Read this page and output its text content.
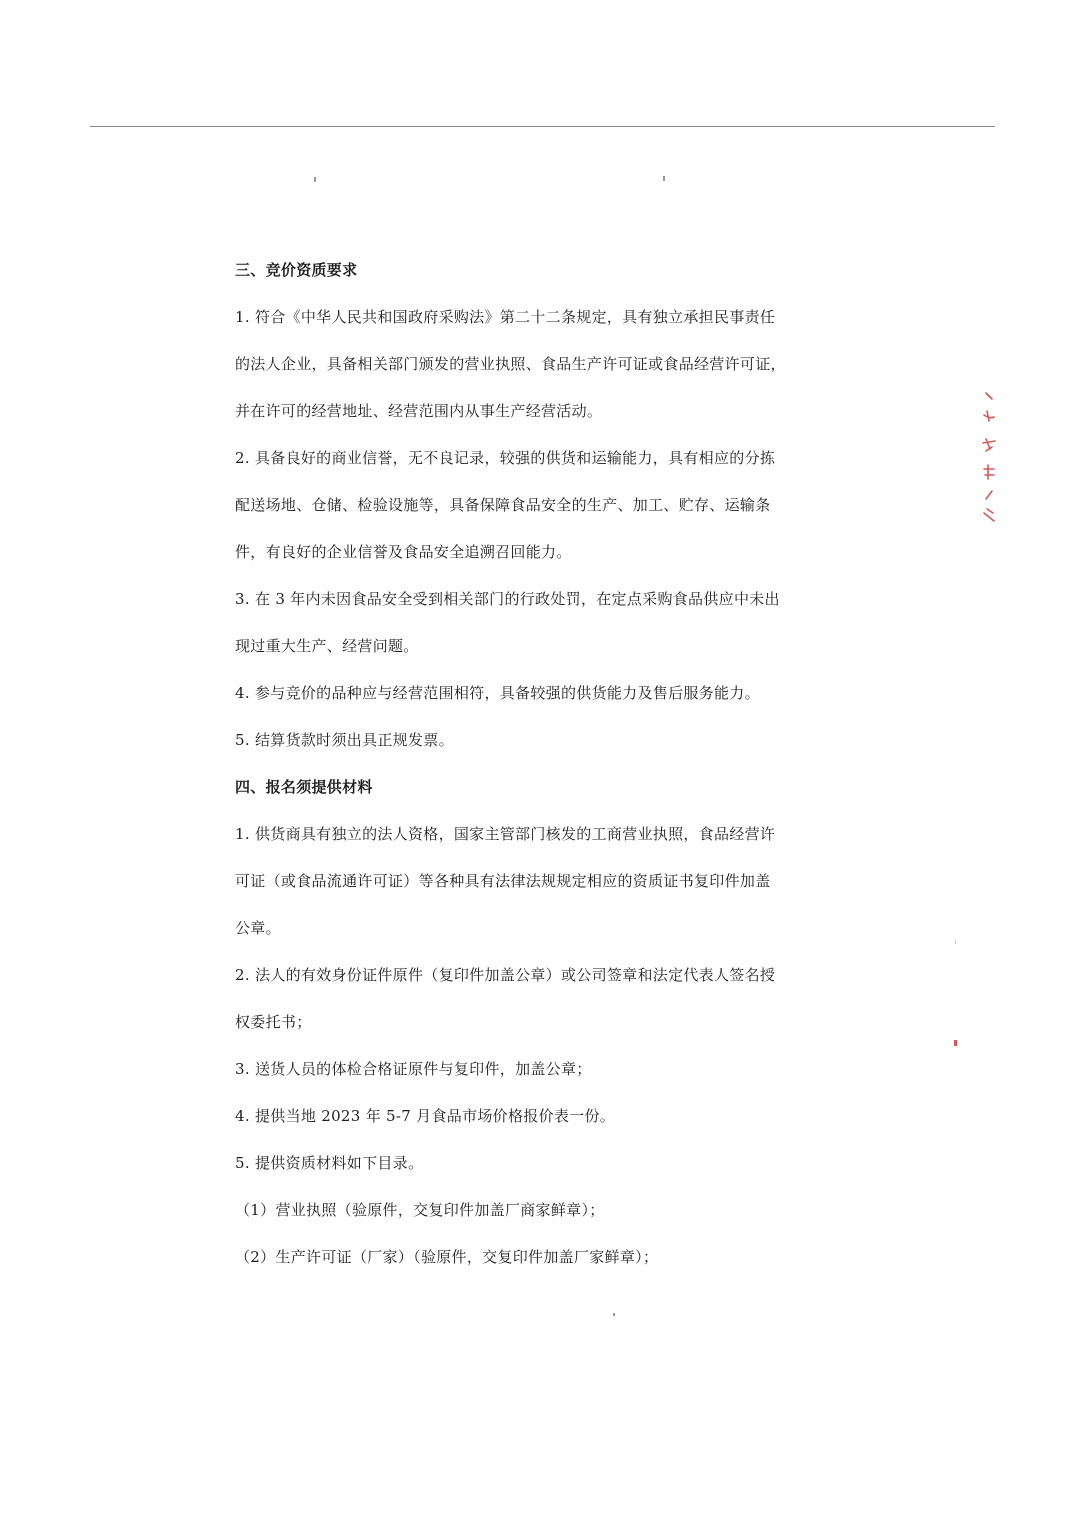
三、竞价资质要求
1. 符合《中华人民共和国政府采购法》第二十二条规定，具有独立承担民事责任
的法人企业，具备相关部门颁发的营业执照、食品生产许可证或食品经营许可证，
并在许可的经营地址、经营范围内从事生产经营活动。
2. 具备良好的商业信誉，无不良记录，较强的供货和运输能力，具有相应的分拣
配送场地、仓储、检验设施等，具备保障食品安全的生产、加工、贮存、运输条
件，有良好的企业信誉及食品安全追溯召回能力。
3. 在 3 年内未因食品安全受到相关部门的行政处罚，在定点采购食品供应中未出
现过重大生产、经营问题。
4. 参与竞价的品种应与经营范围相符，具备较强的供货能力及售后服务能力。
5. 结算货款时须出具正规发票。
四、报名须提供材料
1. 供货商具有独立的法人资格，国家主管部门核发的工商营业执照，食品经营许
可证（或食品流通许可证）等各种具有法律法规规定相应的资质证书复印件加盖
公章。
2. 法人的有效身份证件原件（复印件加盖公章）或公司签章和法定代表人签名授
权委托书；
3. 送货人员的体检合格证原件与复印件，加盖公章；
4. 提供当地 2023 年 5-7 月食品市场价格报价表一份。
5. 提供资质材料如下目录。
（1）营业执照（验原件，交复印件加盖厂商家鲜章）；
（2）生产许可证（厂家）（验原件，交复印件加盖厂家鲜章）；
